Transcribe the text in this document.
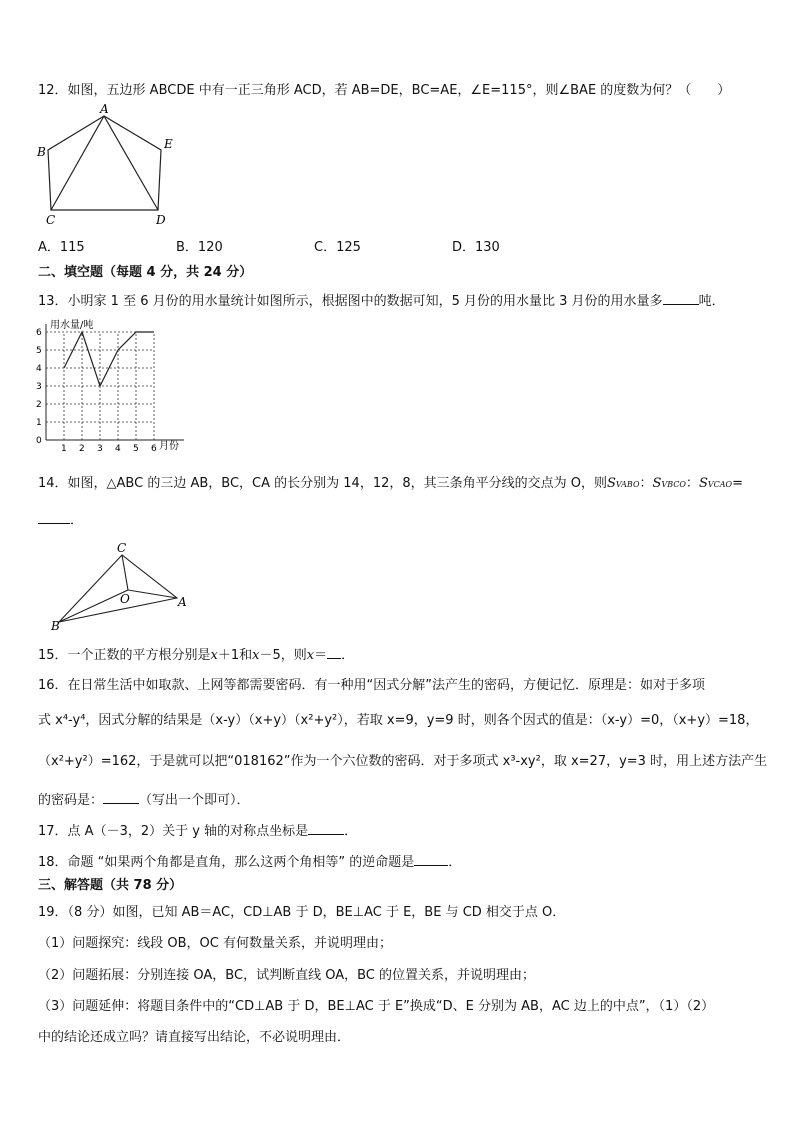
12．如图，五边形 ABCDE 中有一正三角形 ACD，若 AB=DE，BC=AE，∠E=115°，则∠BAE 的度数为何？（　　）
A
B
E
C	D
A．115	B．120	C．125	D．130
二、填空题（每题 4 分，共 24 分）
13．小明家 1 至 6 月份的用水量统计如图所示，根据图中的数据可知，5 月份的用水量比 3 月份的用水量多	吨．
1 2 3 4 5 6
0
1
2
3
4
5
6
用水量/吨
月份
14．如图，△ABC 的三边 AB，BC，CA 的长分别为 14，12，8，其三条角平分线的交点为 O，则SVABO：SVBCO：SVCAO=
．
C
O	A
B
15．一个正数的平方根分别是x＋1和x－5，则x＝ ．
16．在日常生活中如取款、上网等都需要密码．有一种用“因式分解”法产生的密码，方便记忆．原理是：如对于多项
式 x⁴-y⁴，因式分解的结果是（x-y）（x+y）（x²+y²），若取 x=9，y=9 时，则各个因式的值是：（x-y）=0，（x+y）=18，
（x²+y²）=162，于是就可以把“018162”作为一个六位数的密码．对于多项式 x³-xy²，取 x=27，y=3 时，用上述方法产生
的密码是：	（写出一个即可）．
17．点 A（－3，2）关于 y 轴的对称点坐标是	．
18．命题 “如果两个角都是直角，那么这两个角相等” 的逆命题是	．
三、解答题（共 78 分）
19．（8 分）如图，已知 AB＝AC，CD⊥AB 于 D，BE⊥AC 于 E，BE 与 CD 相交于点 O．
（1）问题探究：线段 OB，OC 有何数量关系，并说明理由；
（2）问题拓展：分别连接 OA，BC，试判断直线 OA，BC 的位置关系，并说明理由；
（3）问题延伸：将题目条件中的“CD⊥AB 于 D，BE⊥AC 于 E”换成“D、E 分别为 AB，AC 边上的中点”，（1）（2）
中的结论还成立吗？请直接写出结论，不必说明理由．
